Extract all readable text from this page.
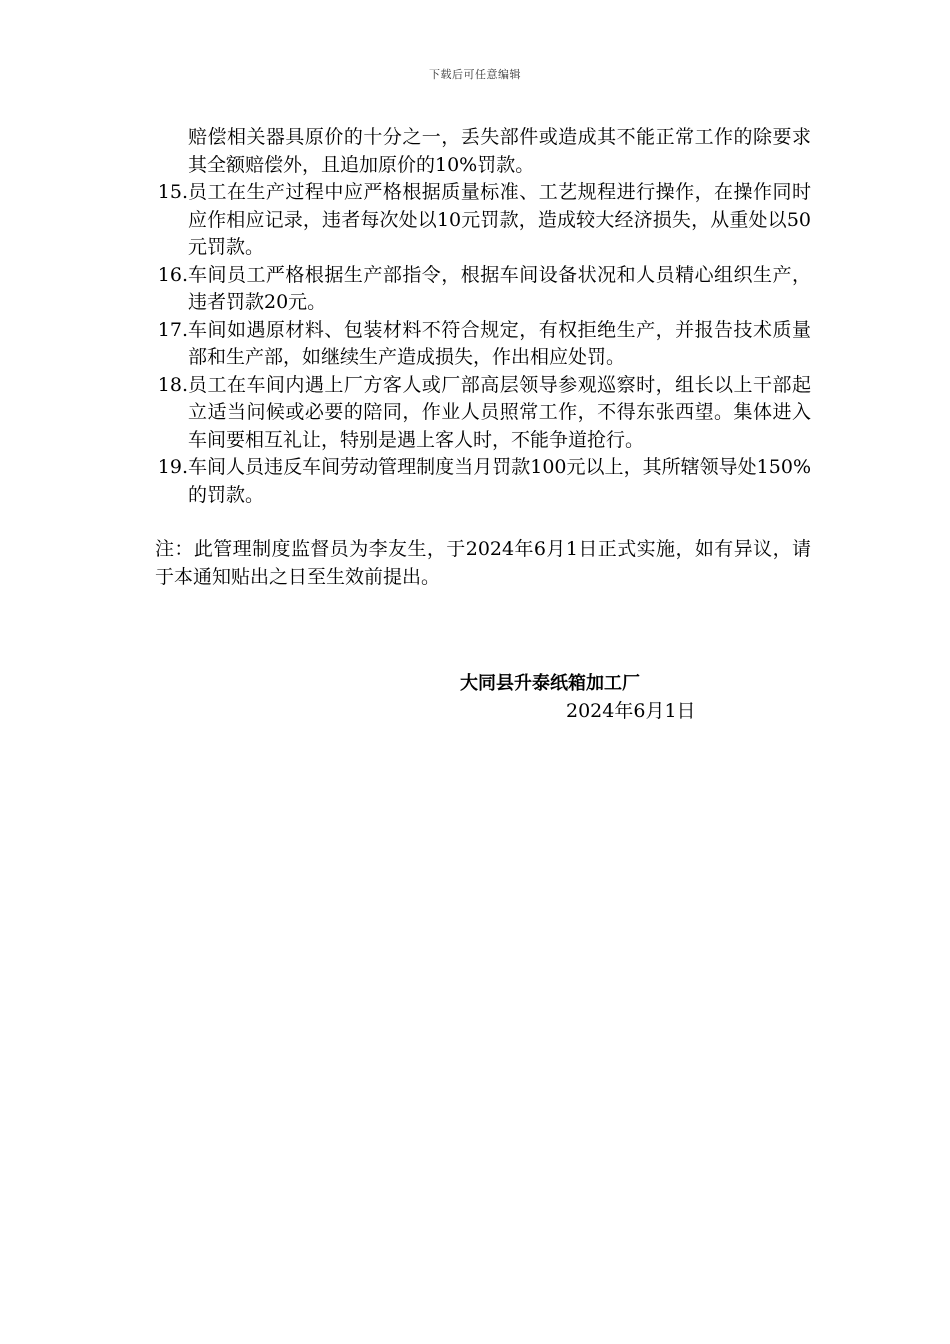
下载后可任意编辑

赔偿相关器具原价的十分之一，丢失部件或造成其不能正常工作的除要求其全额赔偿外，且追加原价的10%罚款。

15. 员工在生产过程中应严格根据质量标准、工艺规程进行操作，在操作同时应作相应记录，违者每次处以10元罚款，造成较大经济损失，从重处以50元罚款。
16. 车间员工严格根据生产部指令，根据车间设备状况和人员精心组织生产，违者罚款20元。
17. 车间如遇原材料、包装材料不符合规定，有权拒绝生产，并报告技术质量部和生产部，如继续生产造成损失，作出相应处罚。
18. 员工在车间内遇上厂方客人或厂部高层领导参观巡察时，组长以上干部起立适当问候或必要的陪同，作业人员照常工作，不得东张西望。集体进入车间要相互礼让，特别是遇上客人时，不能争道抢行。
19. 车间人员违反车间劳动管理制度当月罚款100元以上，其所辖领导处150%的罚款。

注：此管理制度监督员为李友生，于2024年6月1日正式实施，如有异议，请于本通知贴出之日至生效前提出。

大同县升泰纸箱加工厂
2024年6月1日
